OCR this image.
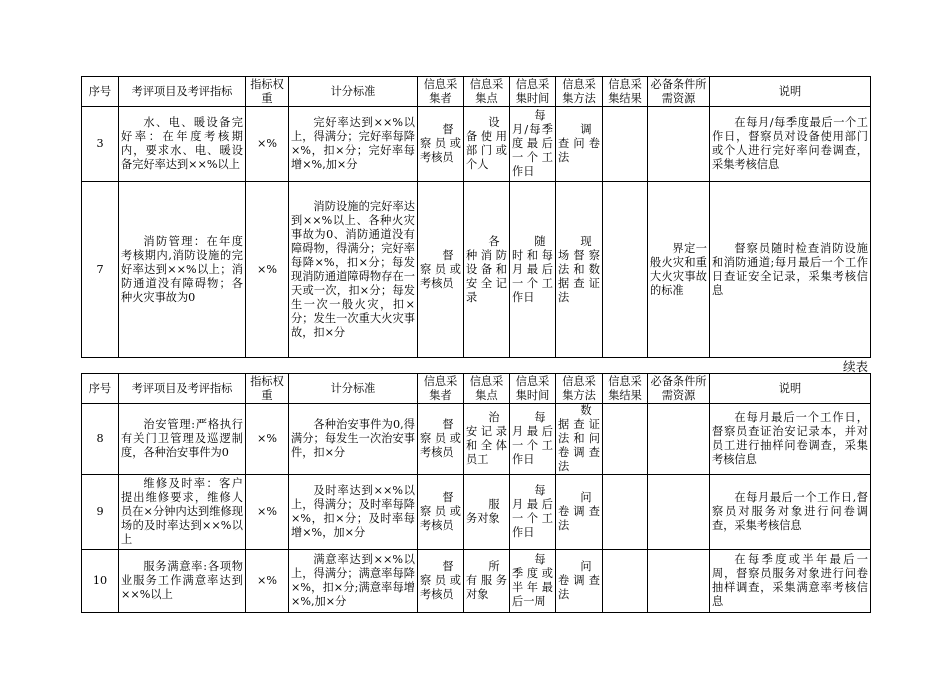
序号	考评项目及考评指标	指标权重	计分标准	信息采集者	信息采集点	信息采集时间	信息采集方法	信息采集结果	必备条件所需资源	说明
3	水、电、暖设备完好率：在年度考核期内，要求水、电、暖设备完好率达到××%以上	×%	完好率达到××%以上，得满分；完好率每降×%，扣×分；完好率每增×%,加×分	督察员或考核员	设备使用部门或个人	每月/每季度最后一个工作日	调查问卷法			在每月/每季度最后一个工作日，督察员对设备使用部门或个人进行完好率问卷调查，采集考核信息
7	消防管理：在年度考核期内,消防设施的完好率达到××%以上；消防通道没有障碍物；各种火灾事故为0	×%	消防设施的完好率达到××%以上、各种火灾事故为0、消防通道没有障碍物，得满分；完好率每降×%，扣×分；每发现消防通道障碍物存在一天或一次，扣×分；每发生一次一般火灾，扣×分；发生一次重大火灾事故，扣×分	督察员或考核员	各种消防设备和安全记录	随时和每月最后一个工作日	现场督察法和数据查证法		界定一般火灾和重大火灾事故的标准	督察员随时检查消防设施和消防通道;每月最后一个工作日查证安全记录，采集考核信息
续表
序号	考评项目及考评指标	指标权重	计分标准	信息采集者	信息采集点	信息采集时间	信息采集方法	信息采集结果	必备条件所需资源	说明
8	治安管理:严格执行有关门卫管理及巡逻制度，各种治安事件为0	×%	各种治安事件为0,得满分；每发生一次治安事件，扣×分	督察员或考核员	治安记录和全体员工	每月最后一个工作日	数据查证法和问卷调查法			在每月最后一个工作日，督察员查证治安记录本，并对员工进行抽样问卷调查，采集考核信息
9	维修及时率：客户提出维修要求，维修人员在×分钟内达到维修现场的及时率达到××%以上	×%	及时率达到××%以上，得满分；及时率每降×%，扣×分；及时率每增×%，加×分	督察员或考核员	服务对象	每月最后一个工作日	问卷调查法			在每月最后一个工作日,督察员对服务对象进行问卷调查，采集考核信息
10	服务满意率:各项物业服务工作满意率达到××%以上	×%	满意率达到××%以上，得满分；满意率每降×%，扣×分;满意率每增×%,加×分	督察员或考核员	所有服务对象	每季度或半年最后一周	问卷调查法			在每季度或半年最后一周，督察员服务对象进行问卷抽样调查，采集满意率考核信息
